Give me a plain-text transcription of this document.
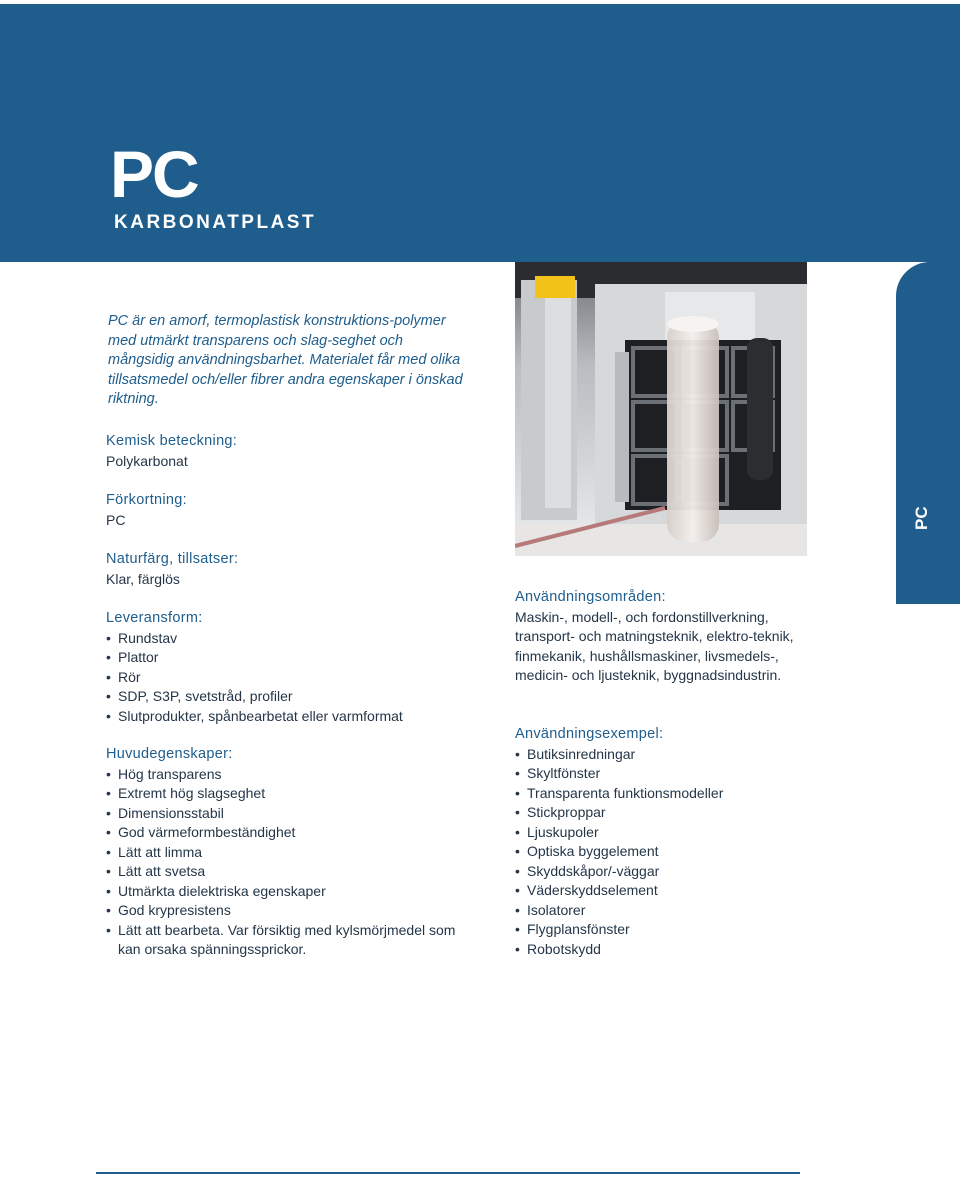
PC
KARBONATPLAST
PC

PC är en amorf, termoplastisk konstruktions-polymer med utmärkt transparens och slag-seghet och mångsidig användningsbarhet. Materialet får med olika tillsatsmedel och/eller fibrer andra egenskaper i önskad riktning.

Kemisk beteckning:

Polykarbonat

Förkortning:

PC

Naturfärg, tillsatser:

Klar, färglös

Leveransform:
• Rundstav
• Plattor
• Rör
• SDP, S3P, svetstråd, profiler
• Slutprodukter, spånbearbetat eller varmformat
Huvudegenskaper:
• Hög transparens
• Extremt hög slagseghet
• Dimensionsstabil
• God värmeformbeständighet
• Lätt att limma
• Lätt att svetsa
• Utmärkta dielektriska egenskaper
• God krypresistens
• Lätt att bearbeta. Var försiktig med kylsmörjmedel som kan orsaka spänningssprickor.
Användningsområden:

Maskin-, modell-, och fordonstillverkning, transport- och matningsteknik, elektro-teknik, finmekanik, hushållsmaskiner, livsmedels-, medicin- och ljusteknik, byggnadsindustrin.

Användningsexempel:
• Butiksinredningar
• Skyltfönster
• Transparenta funktionsmodeller
• Stickproppar
• Ljuskupoler
• Optiska byggelement
• Skyddskåpor/-väggar
• Väderskyddselement
• Isolatorer
• Flygplansfönster
• Robotskydd
